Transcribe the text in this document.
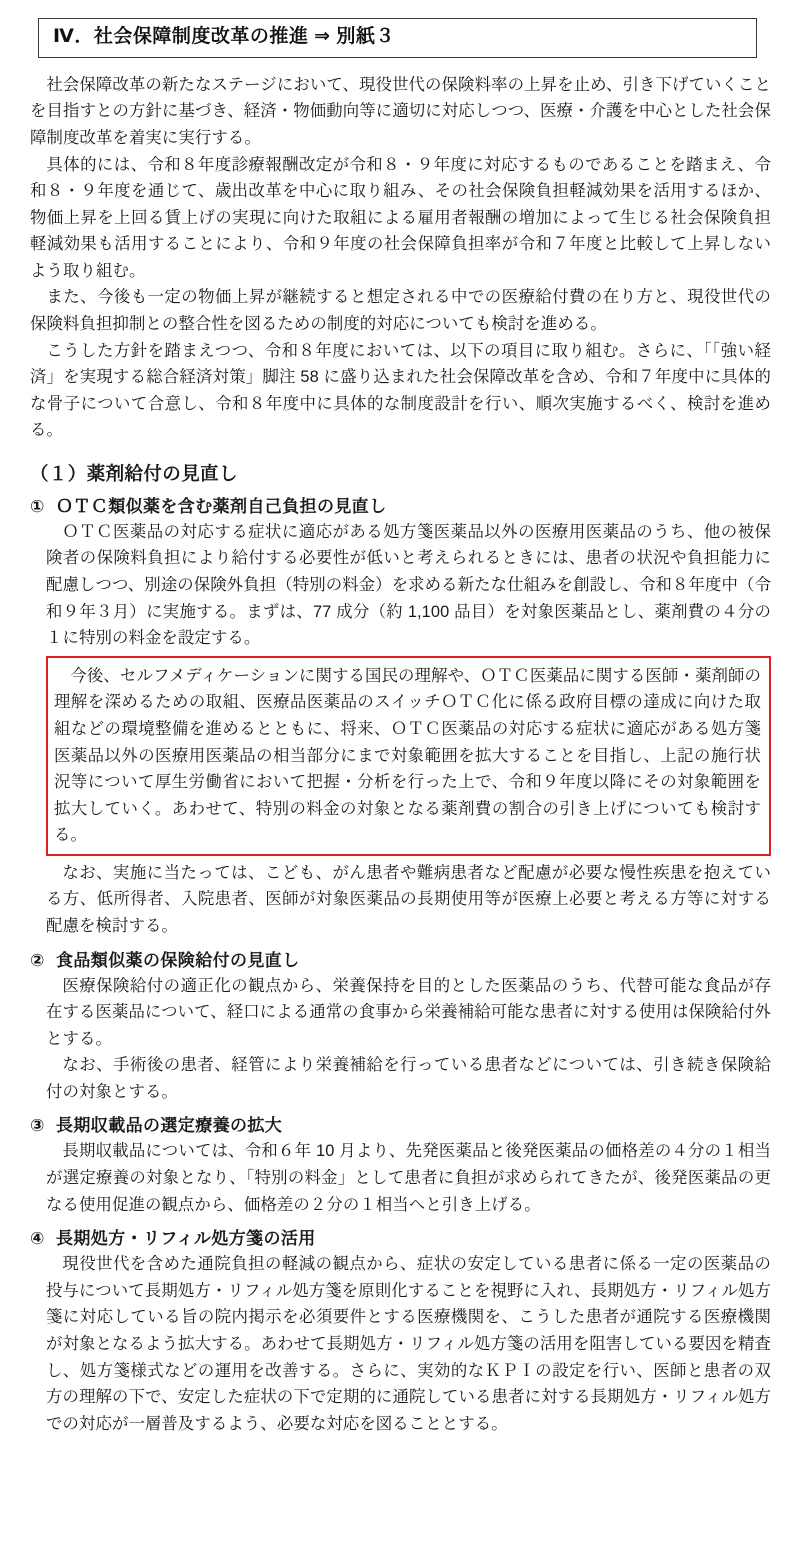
Ⅳ．社会保障制度改革の推進 ⇒ 別紙３

社会保障改革の新たなステージにおいて、現役世代の保険料率の上昇を止め、引き下げていくことを目指すとの方針に基づき、経済・物価動向等に適切に対応しつつ、医療・介護を中心とした社会保障制度改革を着実に実行する。

具体的には、令和８年度診療報酬改定が令和８・９年度に対応するものであることを踏まえ、令和８・９年度を通じて、歳出改革を中心に取り組み、その社会保険負担軽減効果を活用するほか、物価上昇を上回る賃上げの実現に向けた取組による雇用者報酬の増加によって生じる社会保険負担軽減効果も活用することにより、令和９年度の社会保障負担率が令和７年度と比較して上昇しないよう取り組む。

また、今後も一定の物価上昇が継続すると想定される中での医療給付費の在り方と、現役世代の保険料負担抑制との整合性を図るための制度的対応についても検討を進める。

こうした方針を踏まえつつ、令和８年度においては、以下の項目に取り組む。さらに、「「強い経済」を実現する総合経済対策」脚注 58 に盛り込まれた社会保障改革を含め、令和７年度中に具体的な骨子について合意し、令和８年度中に具体的な制度設計を行い、順次実施するべく、検討を進める。

（１）薬剤給付の見直し
① ＯＴＣ類似薬を含む薬剤自己負担の見直し

ＯＴＣ医薬品の対応する症状に適応がある処方箋医薬品以外の医療用医薬品のうち、他の被保険者の保険料負担により給付する必要性が低いと考えられるときには、患者の状況や負担能力に配慮しつつ、別途の保険外負担（特別の料金）を求める新たな仕組みを創設し、令和８年度中（令和９年３月）に実施する。まずは、77 成分（約 1,100 品目）を対象医薬品とし、薬剤費の４分の１に特別の料金を設定する。

今後、セルフメディケーションに関する国民の理解や、ＯＴＣ医薬品に関する医師・薬剤師の理解を深めるための取組、医療品医薬品のスイッチＯＴＣ化に係る政府目標の達成に向けた取組などの環境整備を進めるとともに、将来、ＯＴＣ医薬品の対応する症状に適応がある処方箋医薬品以外の医療用医薬品の相当部分にまで対象範囲を拡大することを目指し、上記の施行状況等について厚生労働省において把握・分析を行った上で、令和９年度以降にその対象範囲を拡大していく。あわせて、特別の料金の対象となる薬剤費の割合の引き上げについても検討する。

なお、実施に当たっては、こども、がん患者や難病患者など配慮が必要な慢性疾患を抱えている方、低所得者、入院患者、医師が対象医薬品の長期使用等が医療上必要と考える方等に対する配慮を検討する。

② 食品類似薬の保険給付の見直し

医療保険給付の適正化の観点から、栄養保持を目的とした医薬品のうち、代替可能な食品が存在する医薬品について、経口による通常の食事から栄養補給可能な患者に対する使用は保険給付外とする。

なお、手術後の患者、経管により栄養補給を行っている患者などについては、引き続き保険給付の対象とする。

③ 長期収載品の選定療養の拡大

長期収載品については、令和６年 10 月より、先発医薬品と後発医薬品の価格差の４分の１相当が選定療養の対象となり、「特別の料金」として患者に負担が求められてきたが、後発医薬品の更なる使用促進の観点から、価格差の２分の１相当へと引き上げる。

④ 長期処方・リフィル処方箋の活用

現役世代を含めた通院負担の軽減の観点から、症状の安定している患者に係る一定の医薬品の投与について長期処方・リフィル処方箋を原則化することを視野に入れ、長期処方・リフィル処方箋に対応している旨の院内掲示を必須要件とする医療機関を、こうした患者が通院する医療機関が対象となるよう拡大する。あわせて長期処方・リフィル処方箋の活用を阻害している要因を精査し、処方箋様式などの運用を改善する。さらに、実効的なＫＰＩの設定を行い、医師と患者の双方の理解の下で、安定した症状の下で定期的に通院している患者に対する長期処方・リフィル処方での対応が一層普及するよう、必要な対応を図ることとする。
